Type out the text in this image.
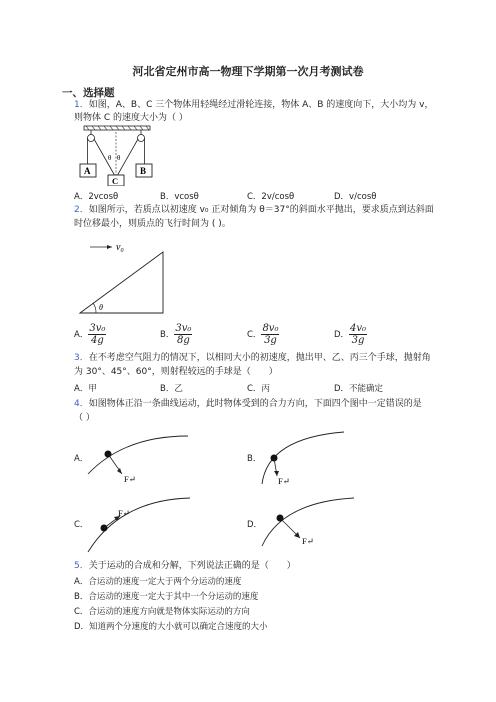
河北省定州市高一物理下学期第一次月考测试卷
一、选择题
1．如图，A、B、C 三个物体用轻绳经过滑轮连接，物体 A、B 的速度向下，大小均为 v，
则物体 C 的速度大小为（ ）
A	B
C
θ θ
A．2vcosθ	B．vcosθ	C．2v/cosθ	D．v/cosθ
2．如图所示，若质点以初速度 v₀ 正对倾角为 θ＝37°的斜面水平抛出，要求质点到达斜面
时位移最小，则质点的飞行时间为 ( )。
$v_0$
θ
A． $\frac{\text{3v₀}}{4g}$	B． $\frac{\text{3v₀}}{8g}$	C． $\frac{\text{8v₀}}{3g}$	D． $\frac{\text{4v₀}}{3g}$
3．在不考虑空气阻力的情况下，以相同大小的初速度，抛出甲、乙、丙三个手球，抛射角
为 30°、45°、60°，则射程较远的手球是（　　）
A．甲	B．乙	C．丙	D．不能确定
4．如图物体正沿一条曲线运动，此时物体受到的合力方向，下面四个图中一定错误的是
（ ）
A．
F↵
B．
F↵
C．
F↵
D．
F↵
5．关于运动的合成和分解，下列说法正确的是（　　）
A．合运动的速度一定大于两个分运动的速度
B．合运动的速度一定大于其中一个分运动的速度
C．合运动的速度方向就是物体实际运动的方向
D．知道两个分速度的大小就可以确定合速度的大小
